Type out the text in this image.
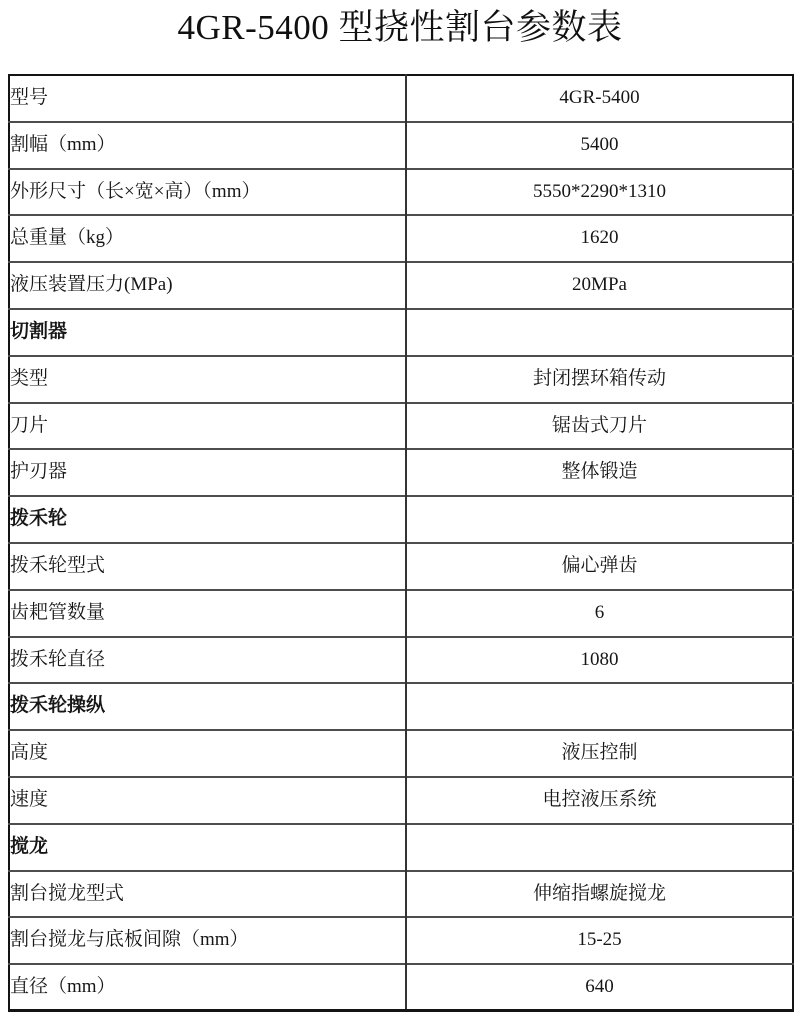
4GR-5400 型挠性割台参数表
型号	4GR-5400
割幅（mm）	5400
外形尺寸（长×宽×高）（mm）	5550*2290*1310
总重量（kg）	1620
液压装置压力(MPa)	20MPa
切割器	
类型	封闭摆环箱传动
刀片	锯齿式刀片
护刃器	整体锻造
拨禾轮	
拨禾轮型式	偏心弹齿
齿耙管数量	6
拨禾轮直径	1080
拨禾轮操纵	
高度	液压控制
速度	电控液压系统
搅龙	
割台搅龙型式	伸缩指螺旋搅龙
割台搅龙与底板间隙（mm）	15-25
直径（mm）	640
